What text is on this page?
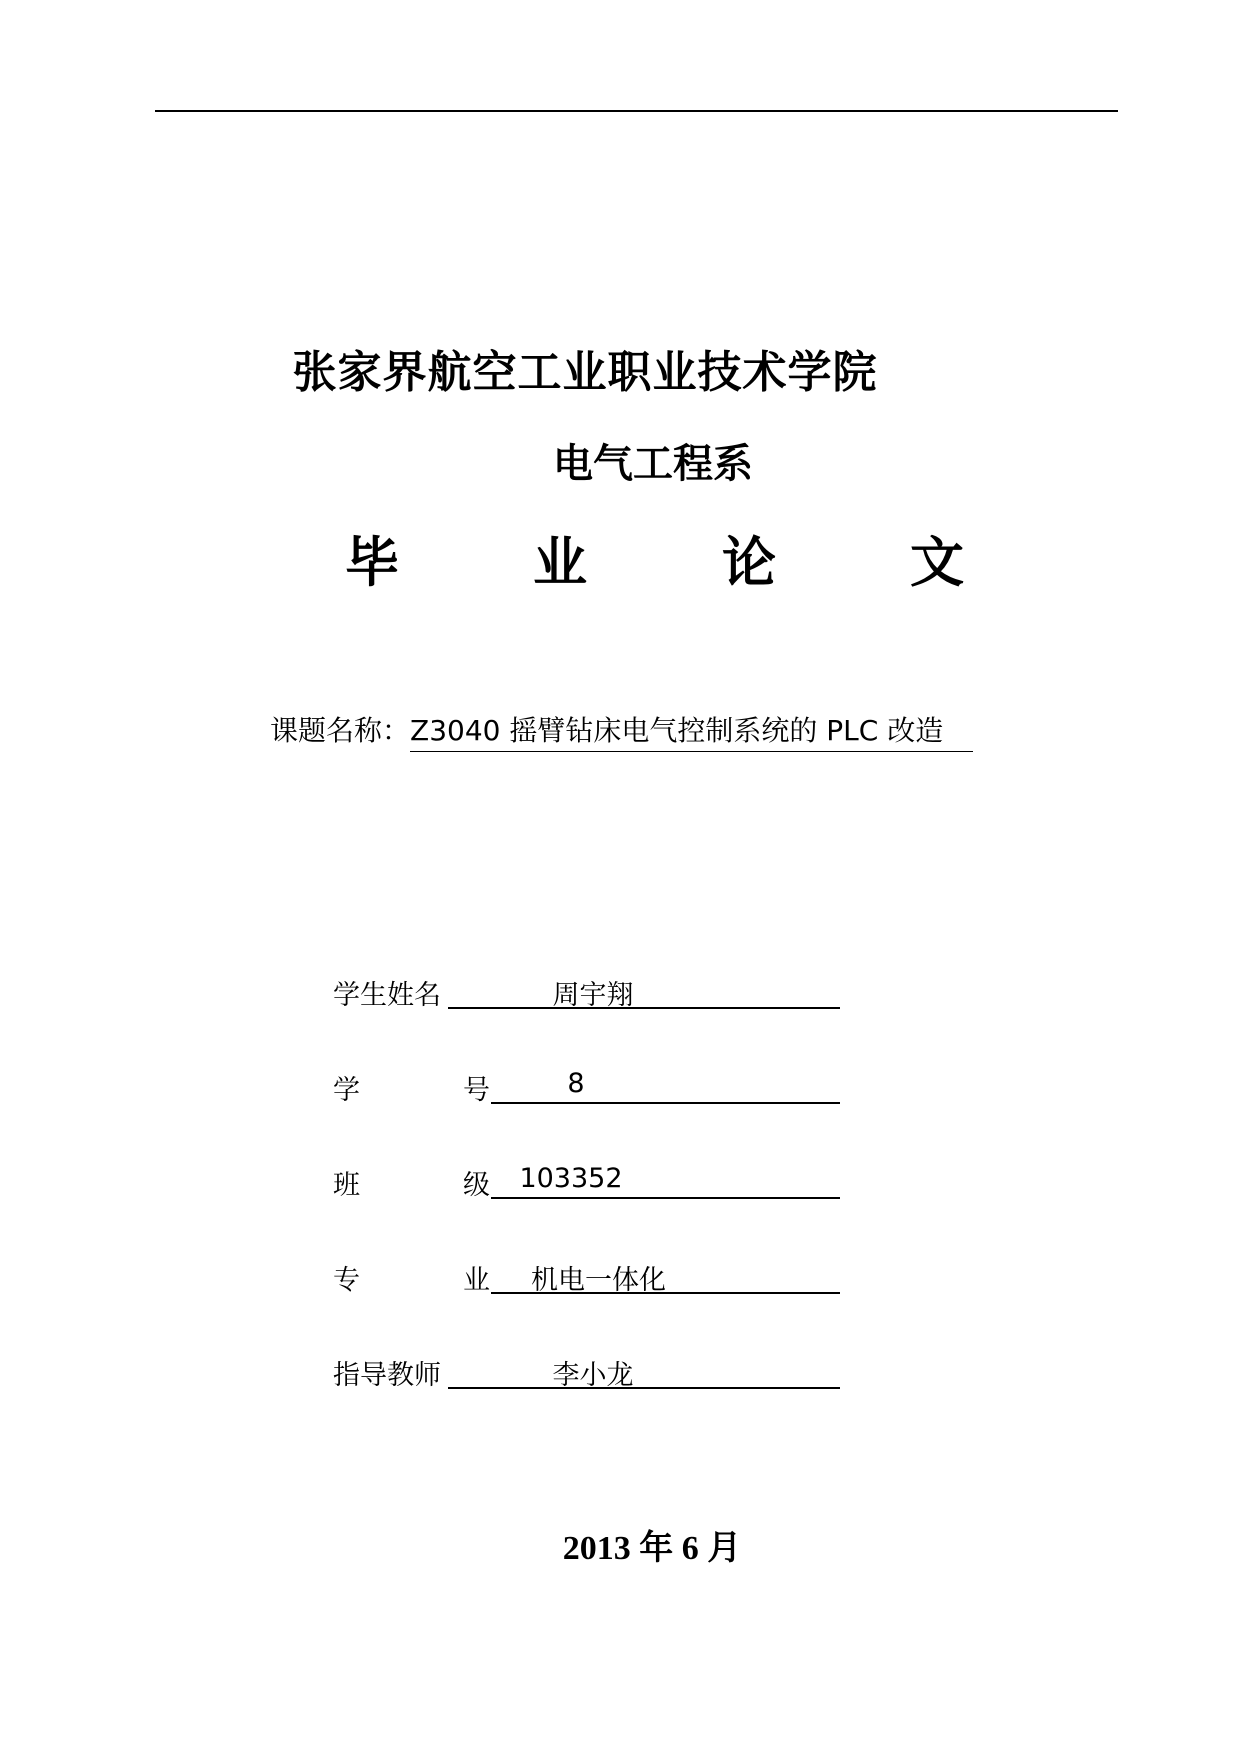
张家界航空工业职业技术学院
电气工程系
毕 业	论 文
课题名称：Z3040 摇臂钻床电气控制系统的 PLC 改造
学生姓名	周宇翔
学	号	8
班	级	103352
专	业	机电一体化
指导教师	李小龙
2013 年 6 月
